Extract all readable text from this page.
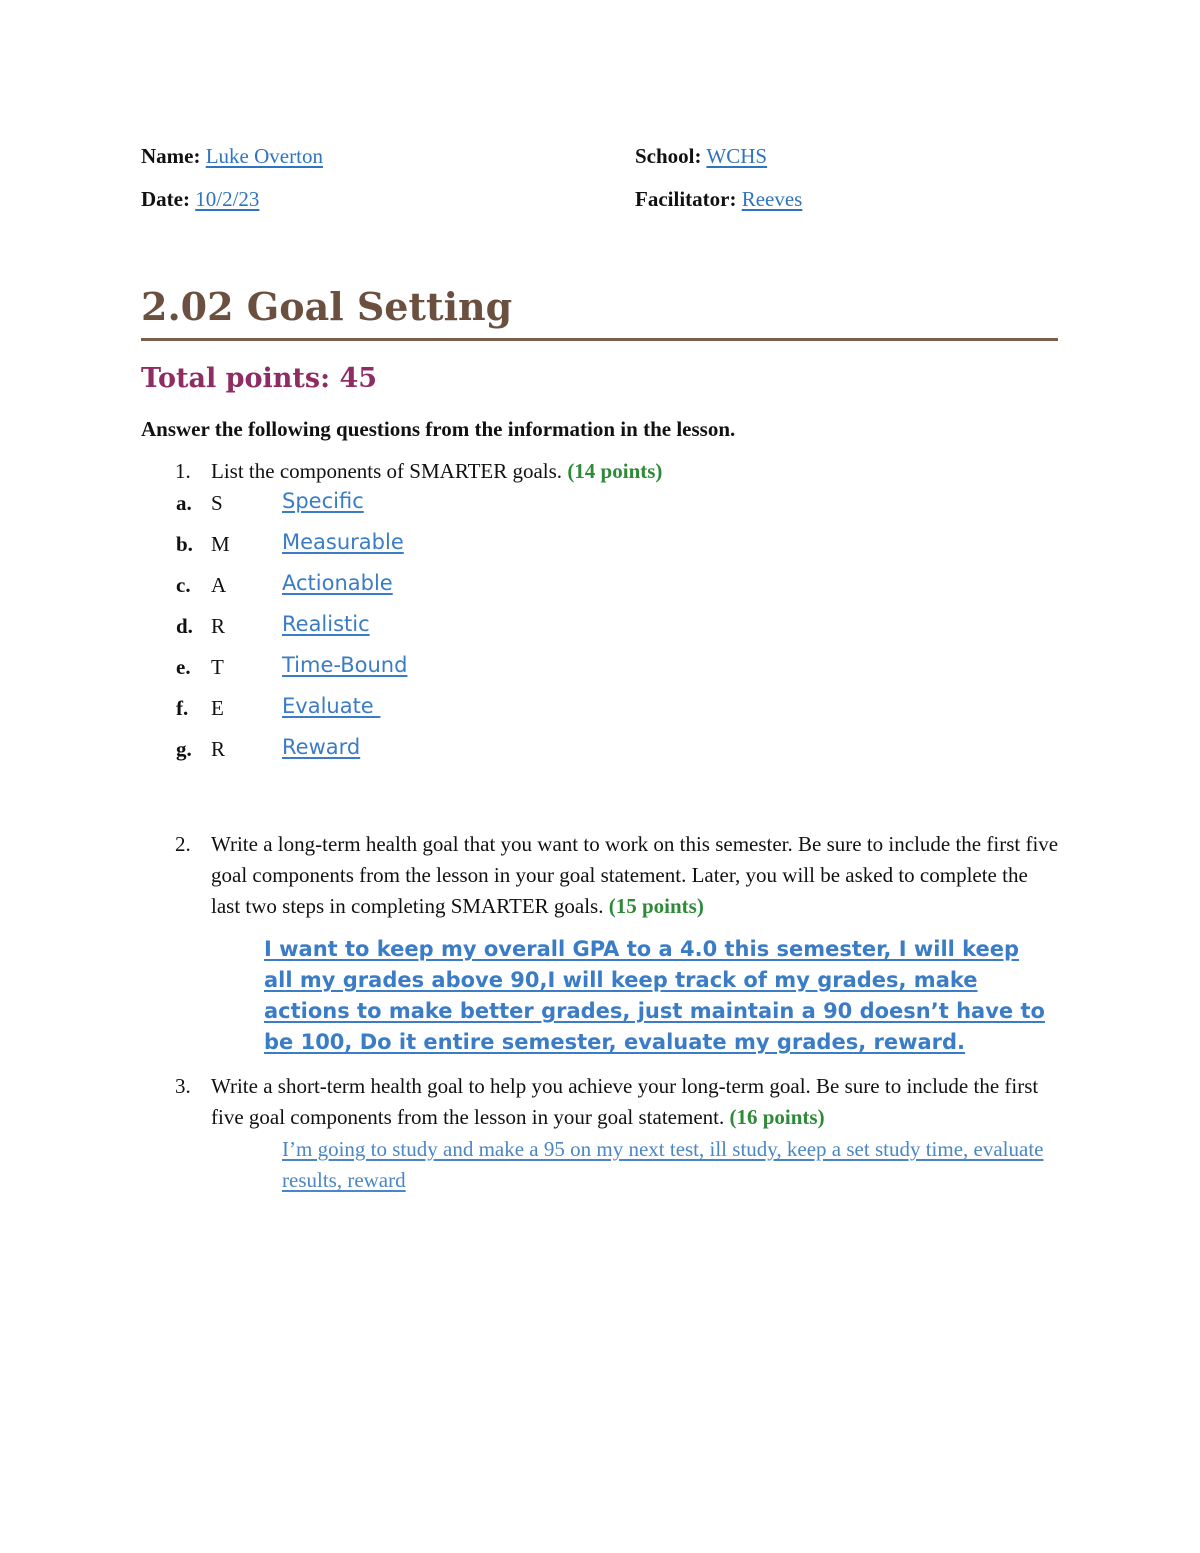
Name: Luke Overton	School: WCHS
Date: 10/2/23	Facilitator: Reeves
2.02 Goal Setting
Total points: 45
Answer the following questions from the information in the lesson.
1. List the components of SMARTER goals. (14 points)
a. S	Specific
b. M Measurable
c. A	Actionable
d. R	Realistic
e. T	Time-Bound
f. E	Evaluate
g. R	Reward
2. Write a long-term health goal that you want to work on this semester. Be sure to include the first five goal components from the lesson in your goal statement. Later, you will be asked to complete the last two steps in completing SMARTER goals. (15 points)
I want to keep my overall GPA to a 4.0 this semester, I will keep all my grades above 90,I will keep track of my grades, make actions to make better grades, just maintain a 90 doesn’t have to be 100, Do it entire semester, evaluate my grades, reward.
3. Write a short-term health goal to help you achieve your long-term goal. Be sure to include the first five goal components from the lesson in your goal statement. (16 points)
I’m going to study and make a 95 on my next test, ill study, keep a set study time, evaluate results, reward
